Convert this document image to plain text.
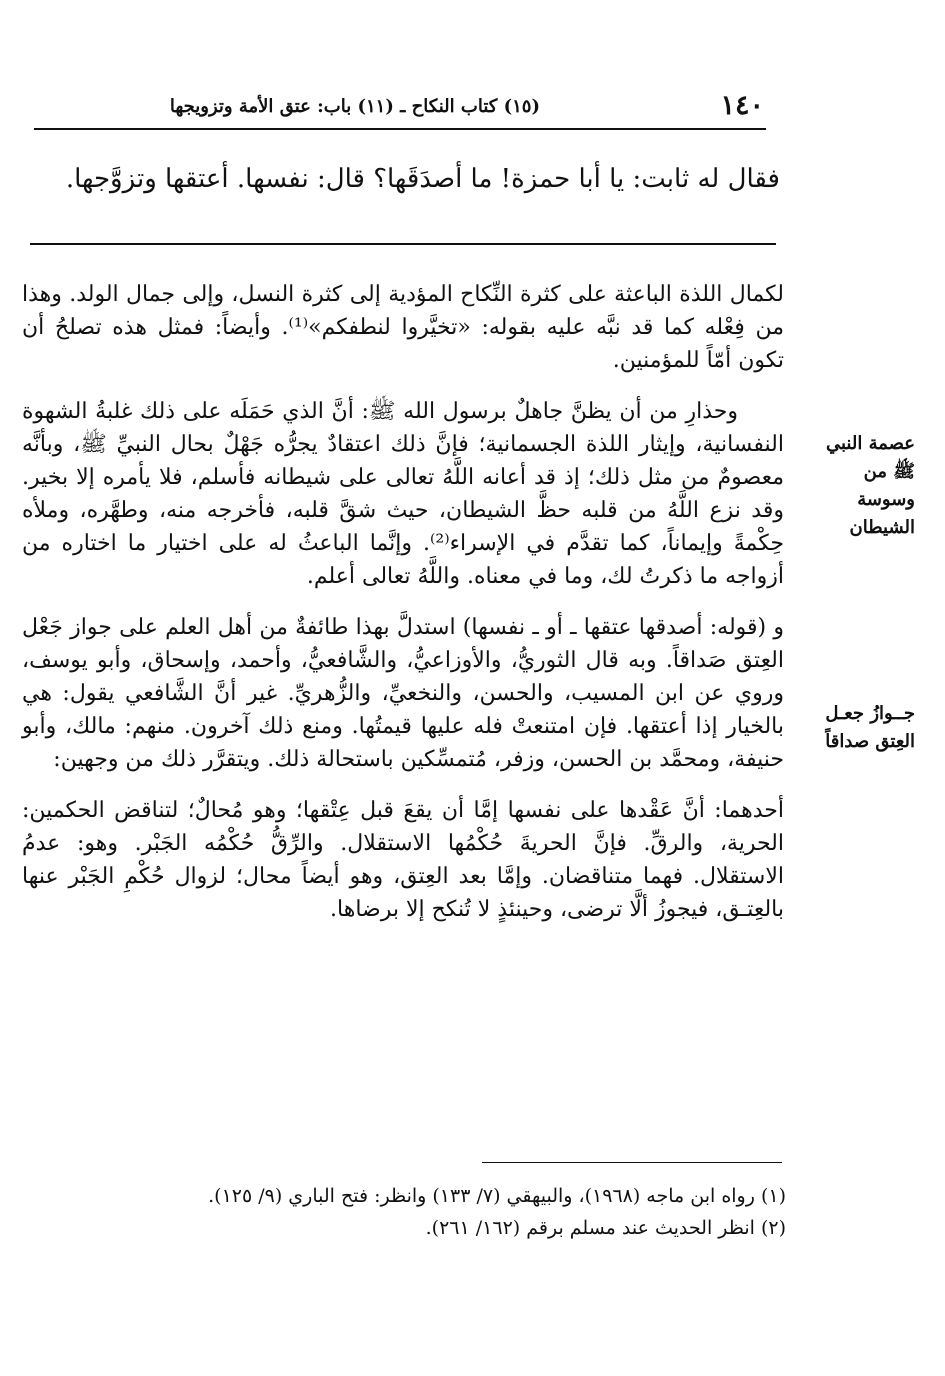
١٤٠
(١٥) كتاب النكاح ـ (١١) باب: عتق الأمة وتزويجها
فقال له ثابت: يا أبا حمزة! ما أصدَقَها؟ قال: نفسها. أعتقها وتزوَّجها.

لكمال اللذة الباعثة على كثرة النِّكاح المؤدية إلى كثرة النسل، وإلى جمال الولد. وهذا من فِعْله كما قد نبَّه عليه بقوله: «تخيَّروا لنطفكم»⁽¹⁾. وأيضاً: فمثل هذه تصلحُ أن تكون أمّاً للمؤمنين.

وحذارِ من أن يظنَّ جاهلٌ برسول الله ﷺ: أنَّ الذي حَمَلَه على ذلك غلبةُ الشهوة النفسانية، وإيثار اللذة الجسمانية؛ فإنَّ ذلك اعتقادٌ يجرُّه جَهْلٌ بحال النبيِّ ﷺ، وبأنَّه معصومٌ من مثل ذلك؛ إذ قد أعانه اللَّهُ تعالى على شيطانه فأسلم، فلا يأمره إلا بخير. وقد نزع اللَّهُ من قلبه حظَّ الشيطان، حيث شقَّ قلبه، فأخرجه منه، وطهَّره، وملأه حِكْمةً وإيماناً، كما تقدَّم في الإسراء⁽²⁾. وإنَّما الباعثُ له على اختيار ما اختاره من أزواجه ما ذكرتُ لك، وما في معناه. واللَّهُ تعالى أعلم.

و (قوله: أصدقها عتقها ـ أو ـ نفسها) استدلَّ بهذا طائفةٌ من أهل العلم على جواز جَعْل العِتق صَداقاً. وبه قال الثوريُّ، والأوزاعيُّ، والشَّافعيُّ، وأحمد، وإسحاق، وأبو يوسف، وروي عن ابن المسيب، والحسن، والنخعيِّ، والزُّهريِّ. غير أنَّ الشَّافعي يقول: هي بالخيار إذا أعتقها. فإن امتنعتْ فله عليها قيمتُها. ومنع ذلك آخرون. منهم: مالك، وأبو حنيفة، ومحمَّد بن الحسن، وزفر، مُتمسِّكين باستحالة ذلك. ويتقرَّر ذلك من وجهين:

أحدهما: أنَّ عَقْدها على نفسها إمَّا أن يقعَ قبل عِتْقها؛ وهو مُحالٌ؛ لتناقض الحكمين: الحرية، والرقِّ. فإنَّ الحريةَ حُكْمُها الاستقلال. والرِّقُّ حُكْمُه الجَبْر. وهو: عدمُ الاستقلال. فهما متناقضان. وإمَّا بعد العِتق، وهو أيضاً محال؛ لزوال حُكْمِ الجَبْر عنها بالعِتـق، فيجوزُ ألَّا ترضى، وحينئذٍ لا تُنكح إلا برضاها.

عصمة النبي ﷺ من وسوسة الشيطان
جــوازُ جعـل العِتق صداقاً
(١) رواه ابن ماجه (١٩٦٨)، والبيهقي (٧/ ١٣٣) وانظر: فتح الباري (٩/ ١٢٥).
(٢) انظر الحديث عند مسلم برقم (١٦٢/ ٢٦١).
